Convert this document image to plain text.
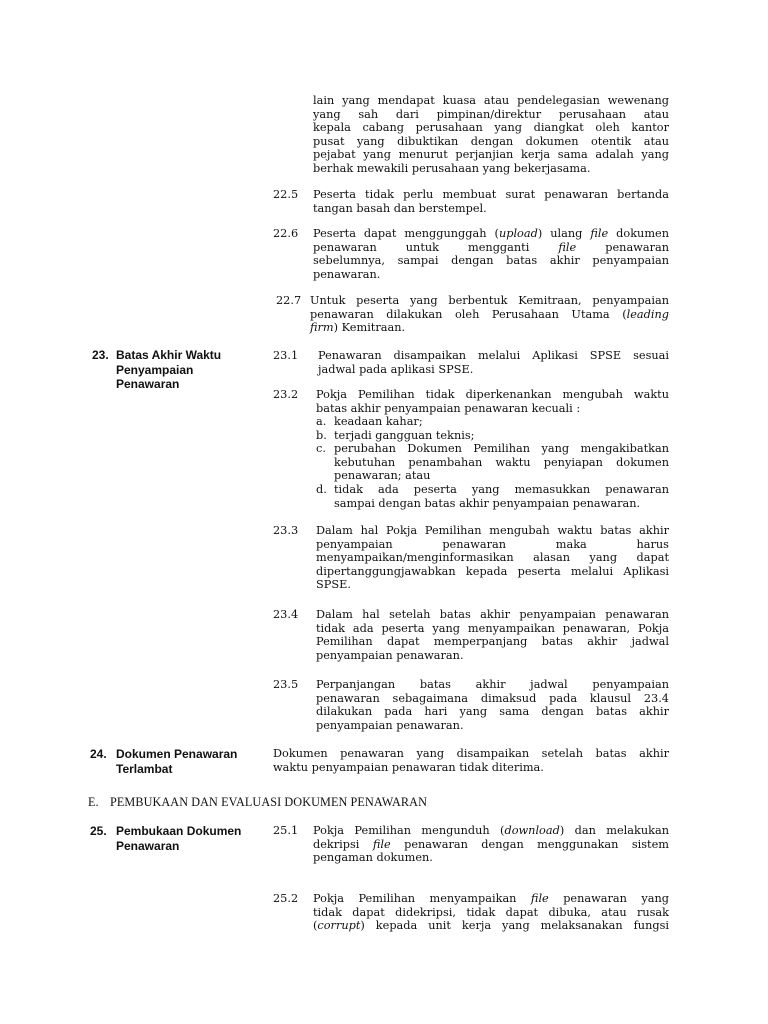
lain yang mendapat kuasa atau pendelegasian wewenang
yang sah dari pimpinan/direktur perusahaan atau
kepala cabang perusahaan yang diangkat oleh kantor
pusat yang dibuktikan dengan dokumen otentik atau
pejabat yang menurut perjanjian kerja sama adalah yang
berhak mewakili perusahaan yang bekerjasama.
22.5 Peserta tidak perlu membuat surat penawaran bertanda
tangan basah dan berstempel.
22.6 Peserta dapat menggunggah (upload) ulang file dokumen
penawaran untuk mengganti file penawaran
sebelumnya, sampai dengan batas akhir penyampaian
penawaran.
22.7 Untuk peserta yang berbentuk Kemitraan, penyampaian
penawaran dilakukan oleh Perusahaan Utama (leading
firm) Kemitraan.
23. Batas Akhir Waktu
Penyampaian
Penawaran
23.1 Penawaran disampaikan melalui Aplikasi SPSE sesuai
jadwal pada aplikasi SPSE.
23.2 Pokja Pemilihan tidak diperkenankan mengubah waktu
batas akhir penyampaian penawaran kecuali :
a. keadaan kahar;
b. terjadi gangguan teknis;
c. perubahan Dokumen Pemilihan yang mengakibatkan
kebutuhan penambahan waktu penyiapan dokumen
penawaran; atau
d. tidak ada peserta yang memasukkan penawaran
sampai dengan batas akhir penyampaian penawaran.
23.3 Dalam hal Pokja Pemilihan mengubah waktu batas akhir
penyampaian penawaran maka harus
menyampaikan/menginformasikan alasan yang dapat
dipertanggungjawabkan kepada peserta melalui Aplikasi
SPSE.
23.4 Dalam hal setelah batas akhir penyampaian penawaran
tidak ada peserta yang menyampaikan penawaran, Pokja
Pemilihan dapat memperpanjang batas akhir jadwal
penyampaian penawaran.
23.5 Perpanjangan batas akhir jadwal penyampaian
penawaran sebagaimana dimaksud pada klausul 23.4
dilakukan pada hari yang sama dengan batas akhir
penyampaian penawaran.
24. Dokumen Penawaran
Terlambat
Dokumen penawaran yang disampaikan setelah batas akhir
waktu penyampaian penawaran tidak diterima.
E. PEMBUKAAN DAN EVALUASI DOKUMEN PENAWARAN
25. Pembukaan Dokumen
Penawaran
25.1 Pokja Pemilihan mengunduh (download) dan melakukan
dekripsi file penawaran dengan menggunakan sistem
pengaman dokumen.
25.2 Pokja Pemilihan menyampaikan file penawaran yang
tidak dapat didekripsi, tidak dapat dibuka, atau rusak
(corrupt) kepada unit kerja yang melaksanakan fungsi
